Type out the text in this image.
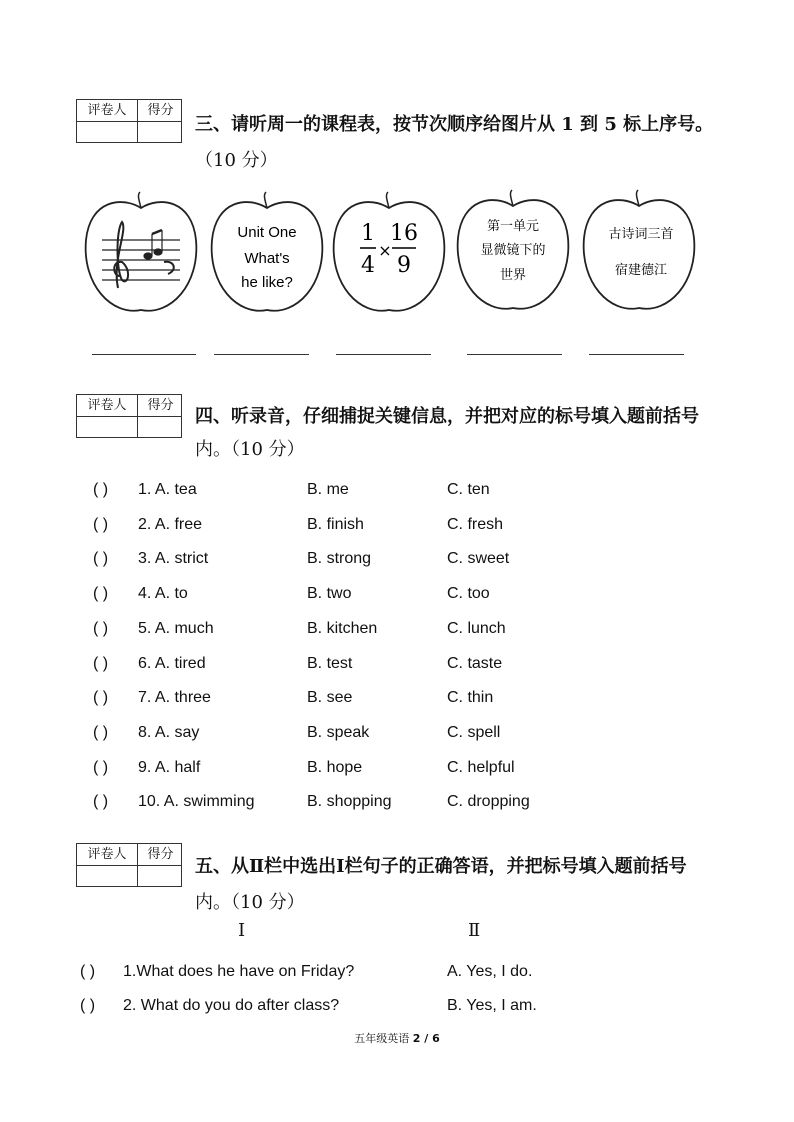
评卷人	得分
三、请听周一的课程表，按节次顺序给图片从 1 到 5 标上序号。
（10 分）
Unit One
What's
he like?
1
4
×
16
9
第一单元
显微镜下的
世界
古诗词三首
宿建德江
评卷人	得分
四、听录音，仔细捕捉关键信息，并把对应的标号填入题前括号
内。（10 分）
( ) 1. A. tea	B. me	C. ten
( ) 2. A. free	B. finish	C. fresh
( ) 3. A. strict	B. strong	C. sweet
( ) 4. A. to	B. two	C. too
( ) 5. A. much	B. kitchen	C. lunch
( ) 6. A. tired	B. test	C. taste
( ) 7. A. three	B. see	C. thin
( ) 8. A. say	B. speak	C. spell
( ) 9. A. half	B. hope	C. helpful
( ) 10. A. swimming	B. shopping	C. dropping
评卷人	得分
五、从Ⅱ栏中选出Ⅰ栏句子的正确答语，并把标号填入题前括号
内。（10 分）
Ⅰ	Ⅱ
( ) 1.What does he have on Friday?	A. Yes, I do.
( ) 2. What do you do after class?	B. Yes, I am.
五年级英语 2 / 6
